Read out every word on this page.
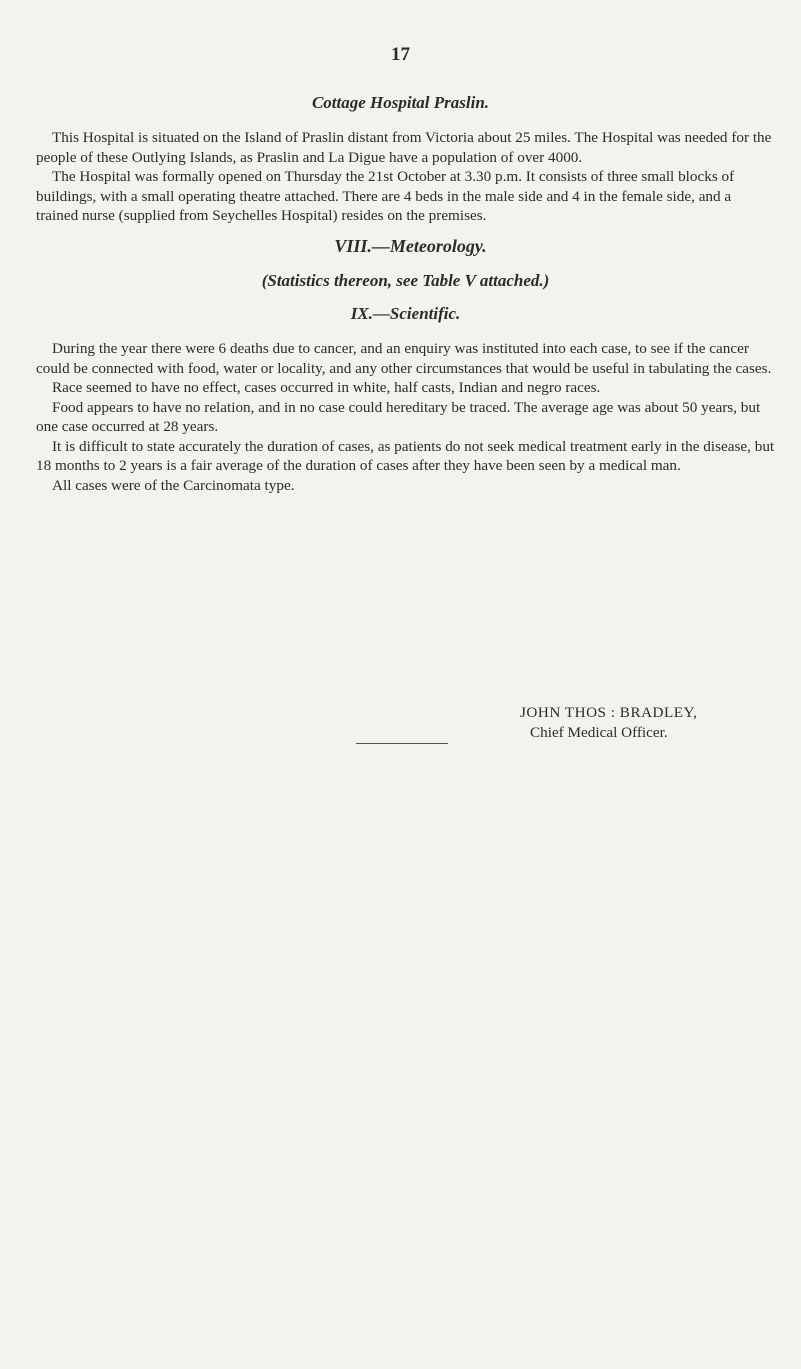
17
Cottage Hospital Praslin.

This Hospital is situated on the Island of Praslin distant from Victoria about 25 miles. The Hospital was needed for the people of these Outlying Islands, as Praslin and La Digue have a population of over 4000.

The Hospital was formally opened on Thursday the 21st October at 3.30 p.m. It consists of three small blocks of buildings, with a small operating theatre attached. There are 4 beds in the male side and 4 in the female side, and a trained nurse (supplied from Seychelles Hospital) resides on the premises.

VIII.—Meteorology.
(Statistics thereon, see Table V attached.)
IX.—Scientific.

During the year there were 6 deaths due to cancer, and an enquiry was instituted into each case, to see if the cancer could be connected with food, water or locality, and any other circumstances that would be useful in tabulating the cases.

Race seemed to have no effect, cases occurred in white, half casts, Indian and negro races.

Food appears to have no relation, and in no case could hereditary be traced. The average age was about 50 years, but one case occurred at 28 years.

It is difficult to state accurately the duration of cases, as patients do not seek medical treatment early in the disease, but 18 months to 2 years is a fair average of the duration of cases after they have been seen by a medical man.

All cases were of the Carcinomata type.

JOHN THOS : BRADLEY,
Chief Medical Officer.
